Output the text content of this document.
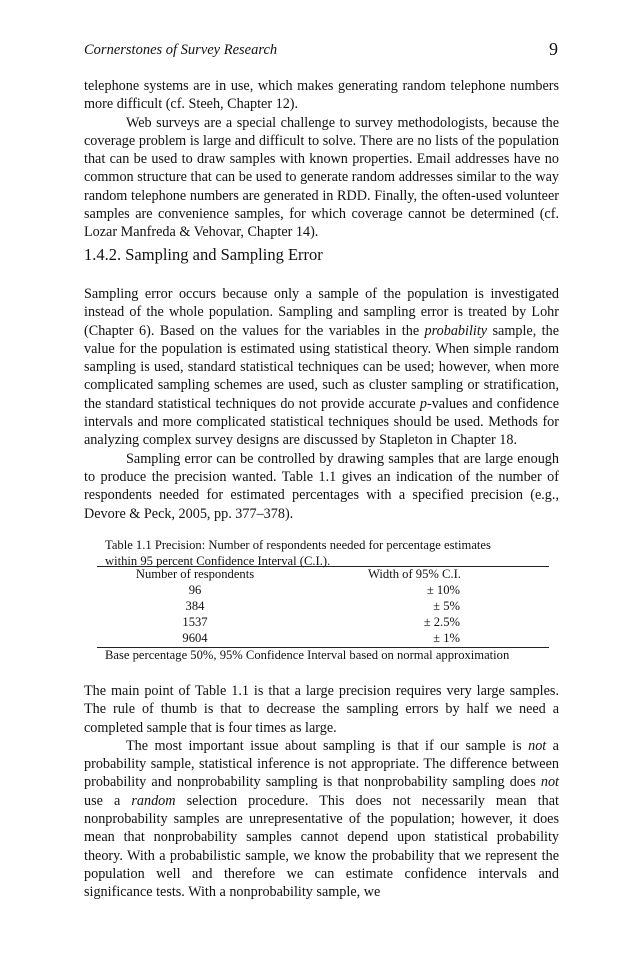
Cornerstones of Survey Research	9

telephone systems are in use, which makes generating random telephone numbers more difficult (cf. Steeh, Chapter 12).

Web surveys are a special challenge to survey methodologists, because the coverage problem is large and difficult to solve. There are no lists of the population that can be used to draw samples with known properties. Email addresses have no common structure that can be used to generate random addresses similar to the way random telephone numbers are generated in RDD. Finally, the often-used volunteer samples are convenience samples, for which coverage cannot be determined (cf. Lozar Manfreda & Vehovar, Chapter 14).

1.4.2. Sampling and Sampling Error

Sampling error occurs because only a sample of the population is investigated instead of the whole population. Sampling and sampling error is treated by Lohr (Chapter 6). Based on the values for the variables in the probability sample, the value for the population is estimated using statistical theory. When simple random sampling is used, standard statistical techniques can be used; however, when more complicated sampling schemes are used, such as cluster sampling or stratification, the standard statistical techniques do not provide accurate p-values and confidence intervals and more complicated statistical techniques should be used. Methods for analyzing complex survey designs are discussed by Stapleton in Chapter 18.

Sampling error can be controlled by drawing samples that are large enough to produce the precision wanted. Table 1.1 gives an indication of the number of respondents needed for estimated percentages with a specified precision (e.g., Devore & Peck, 2005, pp. 377–378).

Table 1.1 Precision: Number of respondents needed for percentage estimates
within 95 percent Confidence Interval (C.I.).
Number of respondents	Width of 95% C.I.
96	± 10%
384	± 5%
1537	± 2.5%
9604	± 1%
Base percentage 50%, 95% Confidence Interval based on normal approximation

The main point of Table 1.1 is that a large precision requires very large samples. The rule of thumb is that to decrease the sampling errors by half we need a completed sample that is four times as large.

The most important issue about sampling is that if our sample is not a probability sample, statistical inference is not appropriate. The difference between probability and nonprobability sampling is that nonprobability sampling does not use a random selection procedure. This does not necessarily mean that nonprobability samples are unrepresentative of the population; however, it does mean that nonprobability samples cannot depend upon statistical probability theory. With a probabilistic sample, we know the probability that we represent the population well and therefore we can estimate confidence intervals and significance tests. With a nonprobability sample, we
